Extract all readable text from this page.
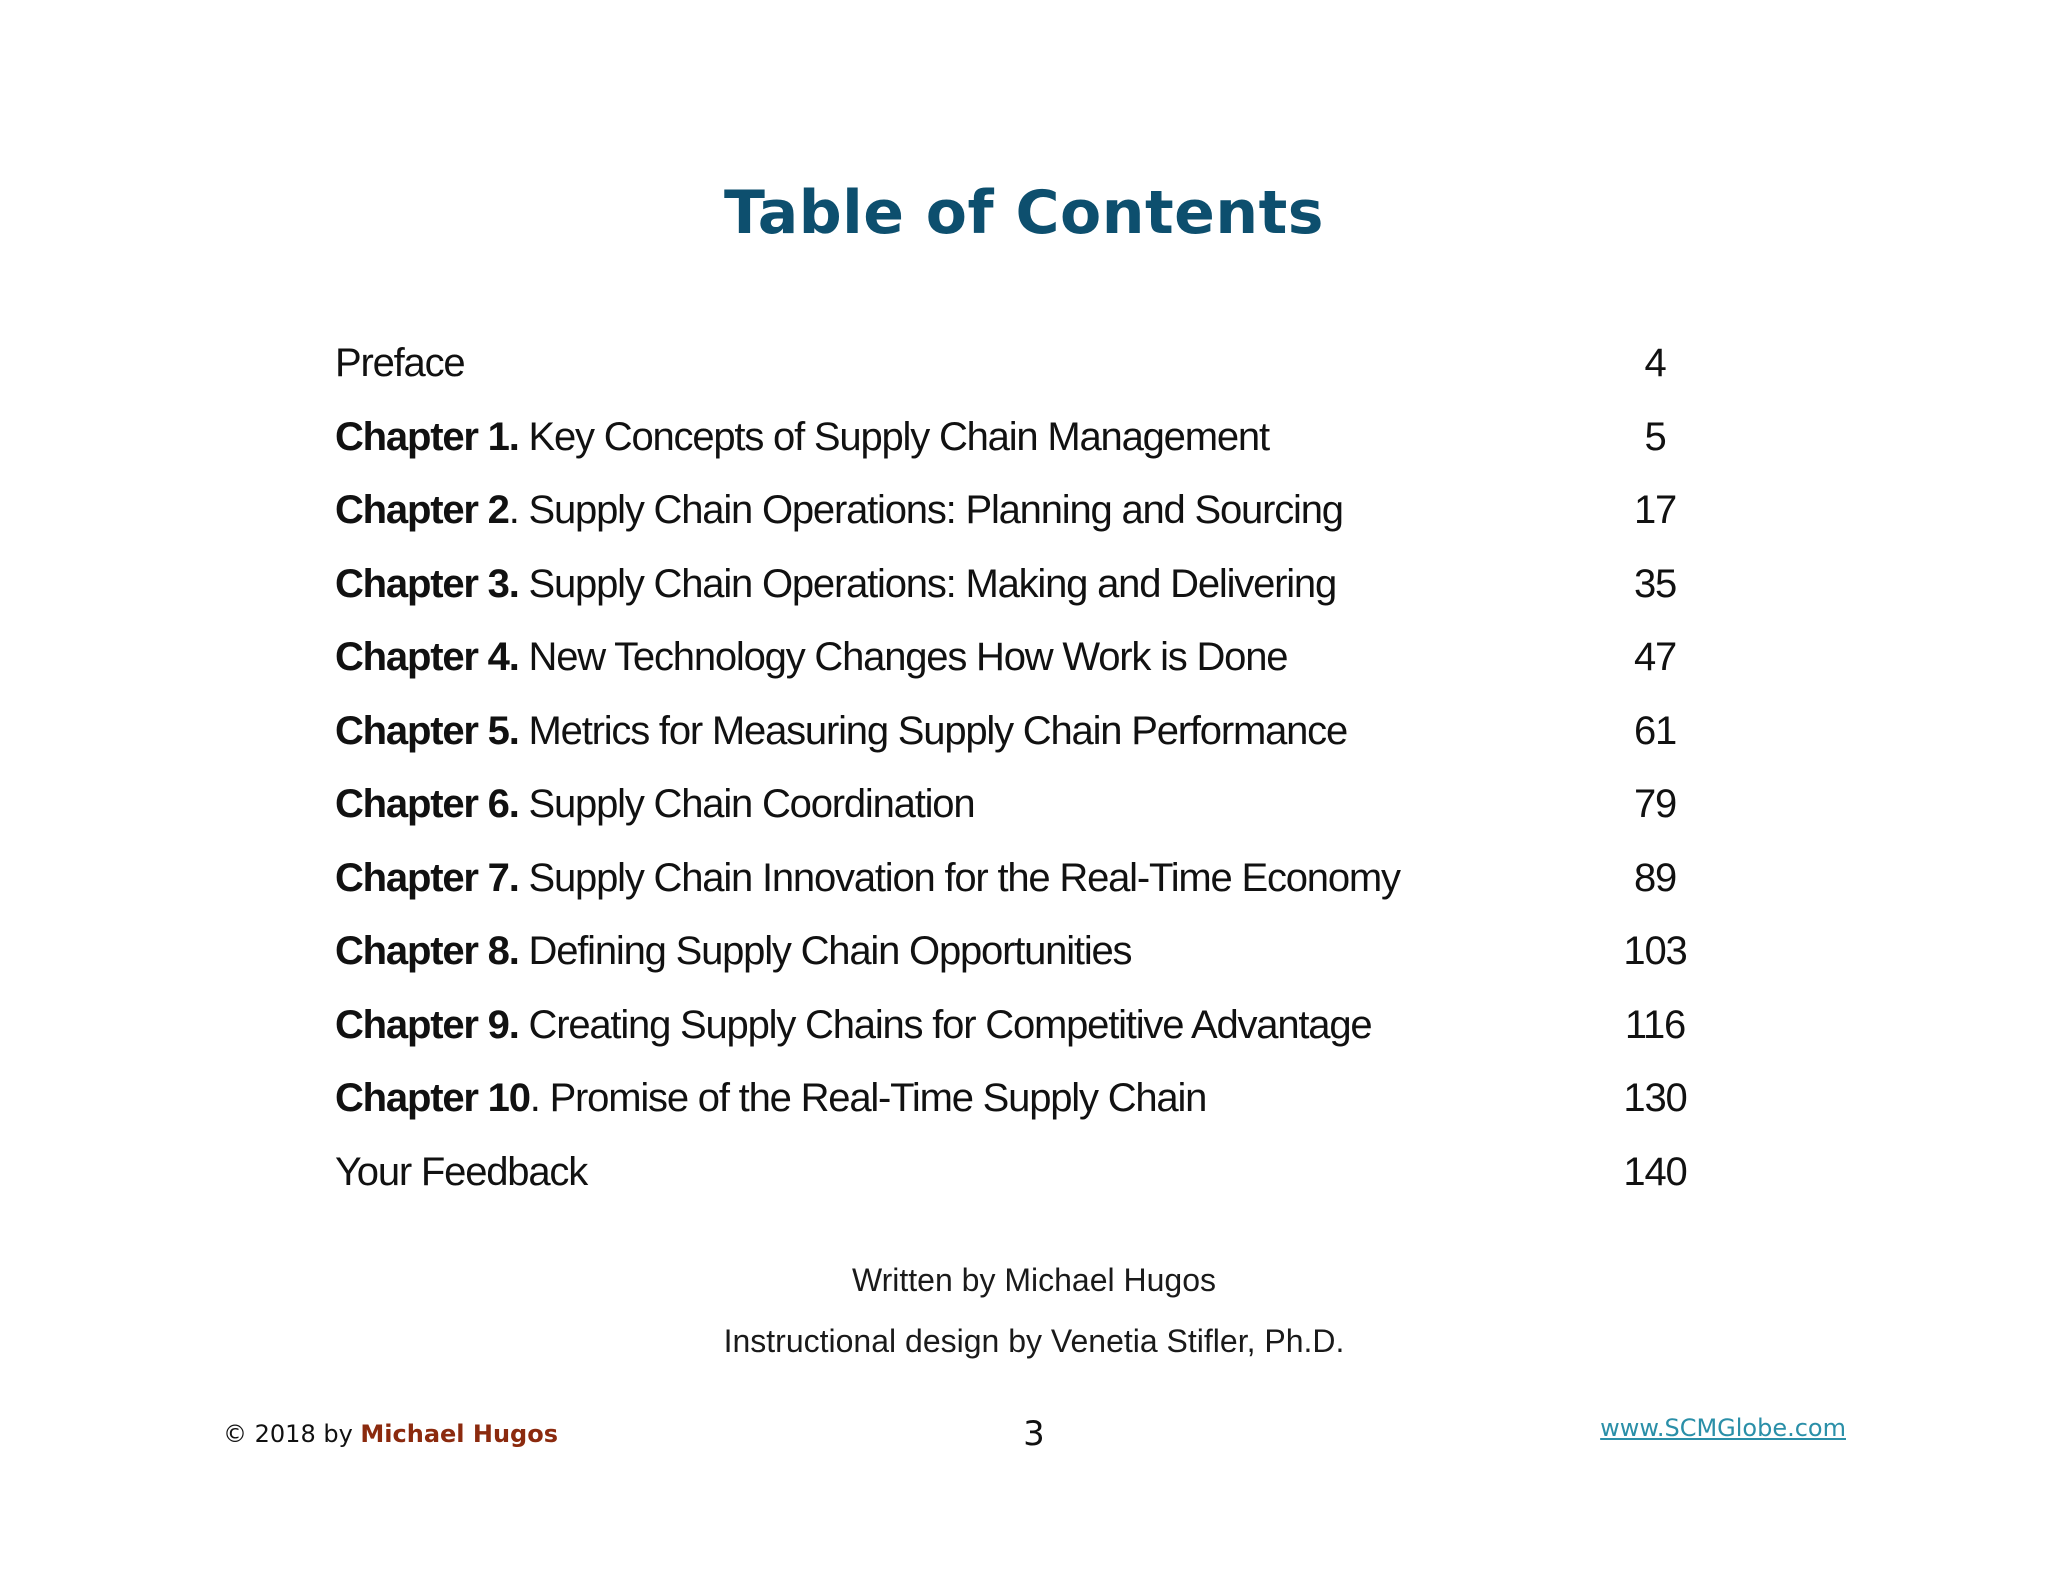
Table of Contents
Preface	4
Chapter 1. Key Concepts of Supply Chain Management	5
Chapter 2. Supply Chain Operations: Planning and Sourcing	17
Chapter 3. Supply Chain Operations: Making and Delivering	35
Chapter 4. New Technology Changes How Work is Done	47
Chapter 5. Metrics for Measuring Supply Chain Performance	61
Chapter 6. Supply Chain Coordination	79
Chapter 7. Supply Chain Innovation for the Real-Time Economy	89
Chapter 8. Defining Supply Chain Opportunities	103
Chapter 9. Creating Supply Chains for Competitive Advantage	116
Chapter 10. Promise of the Real-Time Supply Chain	130
Your Feedback	140
Written by Michael Hugos
Instructional design by Venetia Stifler, Ph.D.
© 2018 by Michael Hugos	3	www.SCMGlobe.com
